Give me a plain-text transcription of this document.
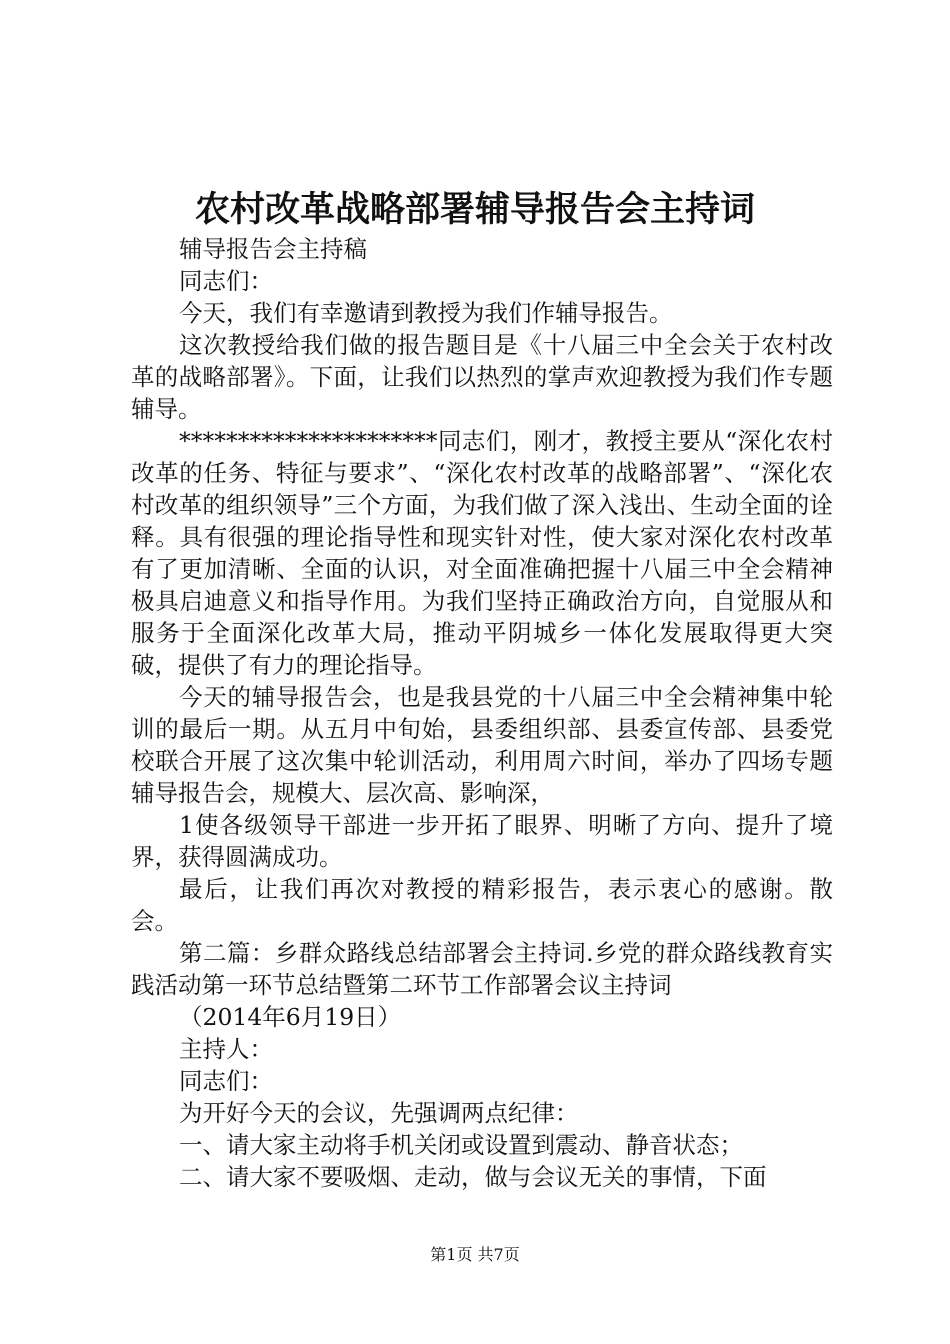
农村改革战略部署辅导报告会主持词

辅导报告会主持稿

同志们：

今天，我们有幸邀请到教授为我们作辅导报告。

这次教授给我们做的报告题目是《十八届三中全会关于农村改革的战略部署》。下面，让我们以热烈的掌声欢迎教授为我们作专题辅导。

**********************同志们，刚才，教授主要从“深化农村改革的任务、特征与要求”、“深化农村改革的战略部署”、“深化农村改革的组织领导”三个方面，为我们做了深入浅出、生动全面的诠释。具有很强的理论指导性和现实针对性，使大家对深化农村改革有了更加清晰、全面的认识，对全面准确把握十八届三中全会精神极具启迪意义和指导作用。为我们坚持正确政治方向，自觉服从和服务于全面深化改革大局，推动平阴城乡一体化发展取得更大突破，提供了有力的理论指导。

今天的辅导报告会，也是我县党的十八届三中全会精神集中轮训的最后一期。从五月中旬始，县委组织部、县委宣传部、县委党校联合开展了这次集中轮训活动，利用周六时间，举办了四场专题辅导报告会，规模大、层次高、影响深，

1使各级领导干部进一步开拓了眼界、明晰了方向、提升了境界，获得圆满成功。

最后，让我们再次对教授的精彩报告，表示衷心的感谢。散会。

第二篇：乡群众路线总结部署会主持词.乡党的群众路线教育实践活动第一环节总结暨第二环节工作部署会议主持词

（2014年6月19日）

主持人：

同志们：

为开好今天的会议，先强调两点纪律：

一、请大家主动将手机关闭或设置到震动、静音状态；

二、请大家不要吸烟、走动，做与会议无关的事情，下面

第1页 共7页
